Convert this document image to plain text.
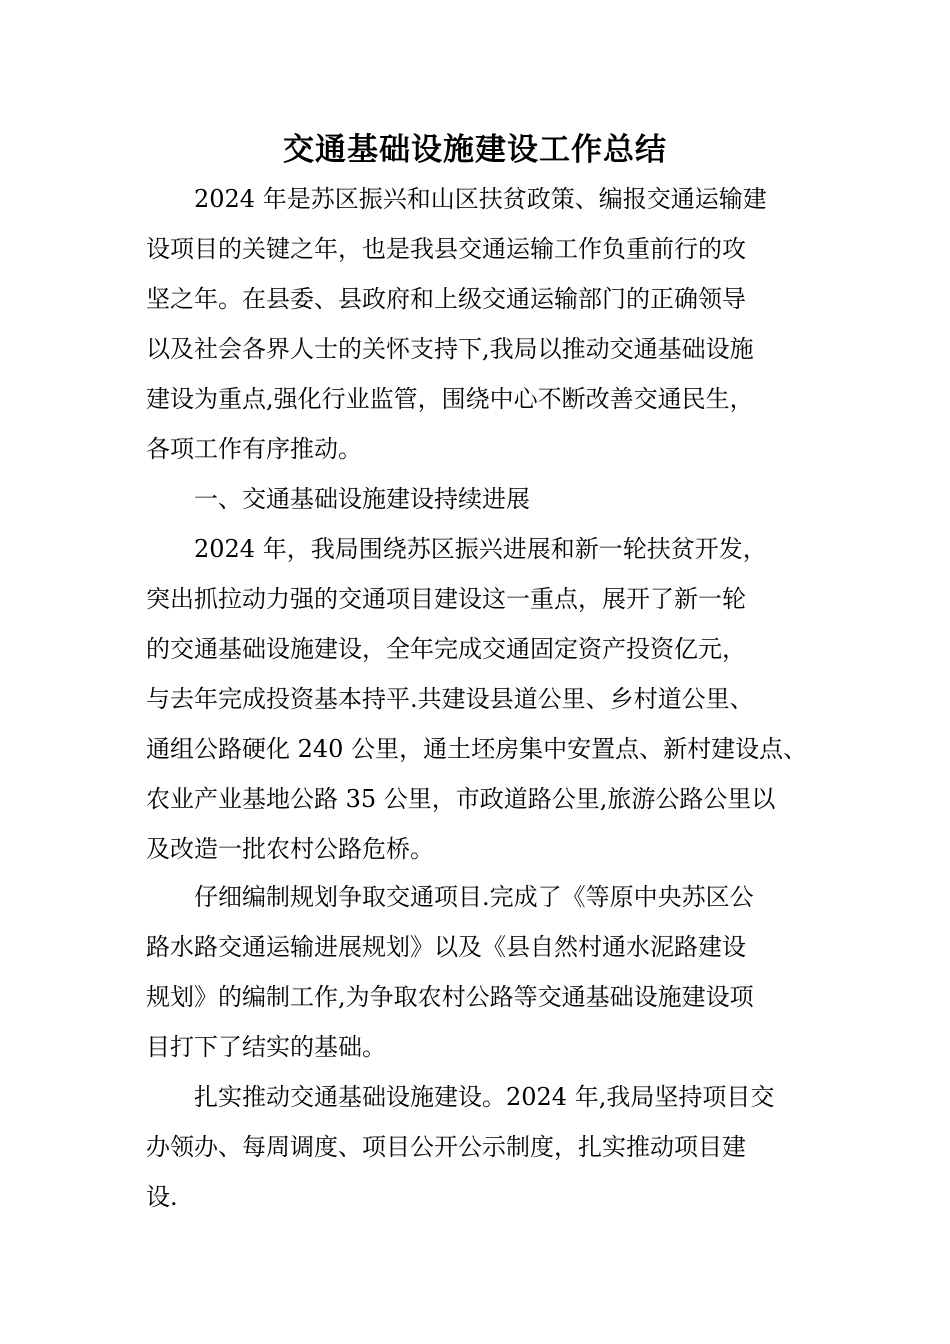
交通基础设施建设工作总结
2024 年是苏区振兴和山区扶贫政策、编报交通运输建
设项目的关键之年，也是我县交通运输工作负重前行的攻
坚之年。在县委、县政府和上级交通运输部门的正确领导
以及社会各界人士的关怀支持下,我局以推动交通基础设施
建设为重点,强化行业监管，围绕中心不断改善交通民生，
各项工作有序推动。
一、交通基础设施建设持续进展
2024 年，我局围绕苏区振兴进展和新一轮扶贫开发，
突出抓拉动力强的交通项目建设这一重点，展开了新一轮
的交通基础设施建设，全年完成交通固定资产投资亿元，
与去年完成投资基本持平.共建设县道公里、乡村道公里、
通组公路硬化 240 公里，通土坯房集中安置点、新村建设点、
农业产业基地公路 35 公里，市政道路公里,旅游公路公里以
及改造一批农村公路危桥。
仔细编制规划争取交通项目.完成了《等原中央苏区公
路水路交通运输进展规划》以及《县自然村通水泥路建设
规划》的编制工作,为争取农村公路等交通基础设施建设项
目打下了结实的基础。
扎实推动交通基础设施建设。2024 年,我局坚持项目交
办领办、每周调度、项目公开公示制度，扎实推动项目建
设.
